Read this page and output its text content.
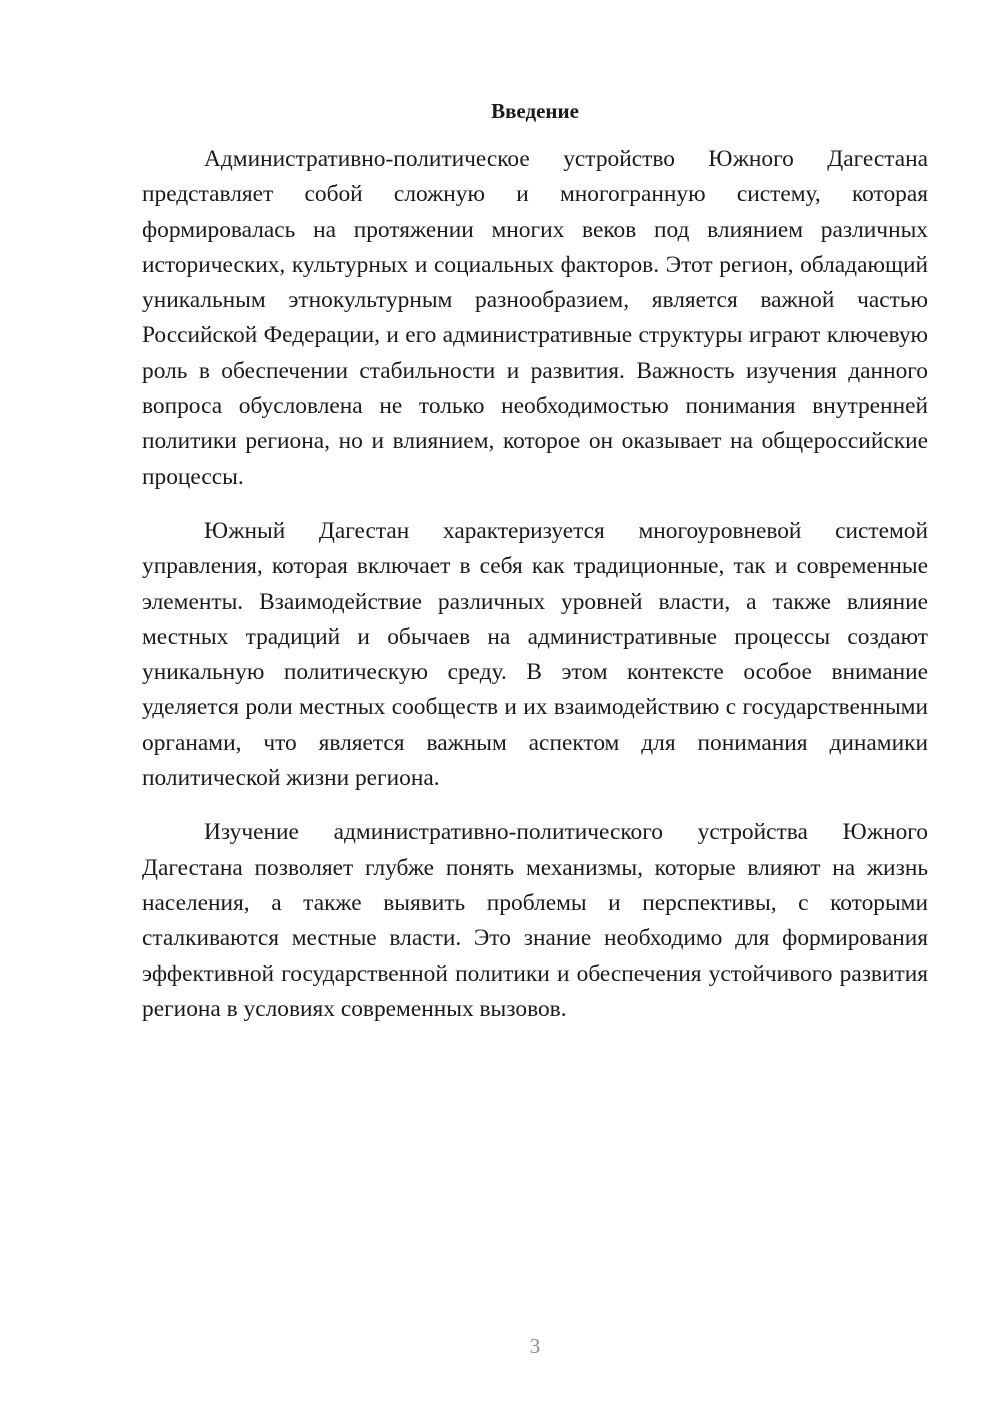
Введение

Административно-политическое устройство Южного Дагестана представляет собой сложную и многогранную систему, которая формировалась на протяжении многих веков под влиянием различных исторических, культурных и социальных факторов. Этот регион, обладающий уникальным этнокультурным разнообразием, является важной частью Российской Федерации, и его административные структуры играют ключевую роль в обеспечении стабильности и развития. Важность изучения данного вопроса обусловлена не только необходимостью понимания внутренней политики региона, но и влиянием, которое он оказывает на общероссийские процессы.

Южный Дагестан характеризуется многоуровневой системой управления, которая включает в себя как традиционные, так и современные элементы. Взаимодействие различных уровней власти, а также влияние местных традиций и обычаев на административные процессы создают уникальную политическую среду. В этом контексте особое внимание уделяется роли местных сообществ и их взаимодействию с государственными органами, что является важным аспектом для понимания динамики политической жизни региона.

Изучение административно-политического устройства Южного Дагестана позволяет глубже понять механизмы, которые влияют на жизнь населения, а также выявить проблемы и перспективы, с которыми сталкиваются местные власти. Это знание необходимо для формирования эффективной государственной политики и обеспечения устойчивого развития региона в условиях современных вызовов.

3
